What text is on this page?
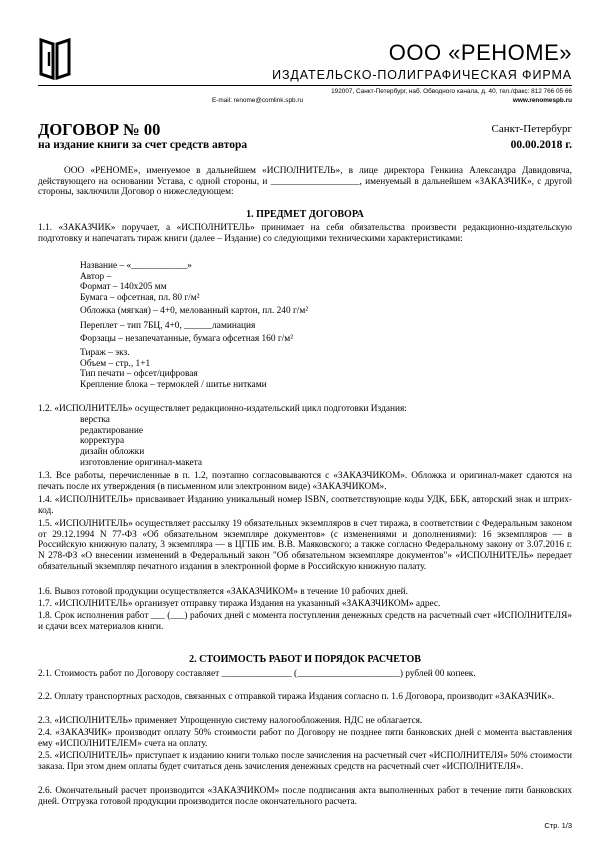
ООО «РЕНОМЕ»
ИЗДАТЕЛЬСКО-ПОЛИГРАФИЧЕСКАЯ ФИРМА
192007, Санкт-Петербург, наб. Обводного канала, д. 40, тел./факс: 812 766 05 66
E-mail: renome@comlink.spb.ru	www.renomespb.ru
ДОГОВОР № 00
на издание книги за счет средств автора
Санкт-Петербург
00.00.2018 г.
ООО «РЕНОМЕ», именуемое в дальнейшем «ИСПОЛНИТЕЛЬ», в лице директора Генкина Александра Давидовича, действующего на основании Устава, с одной стороны, и ___________________, именуемый в дальнейшем «ЗАКАЗЧИК», с другой стороны, заключили Договор о нижеследующем:
1. ПРЕДМЕТ ДОГОВОРА
1.1. «ЗАКАЗЧИК» поручает, а «ИСПОЛНИТЕЛЬ» принимает на себя обязательства произвести редакционно-издательскую подготовку и напечатать тираж книги (далее – Издание) со следующими техническими характеристиками:
Название – «____________»
Автор –
Формат – 140х205 мм
Бумага – офсетная, пл. 80 г/м²
Обложка (мягкая) – 4+0, мелованный картон, пл. 240 г/м²
Переплет – тип 7БЦ, 4+0, ______ламинация
Форзацы – незапечатанные, бумага офсетная 160 г/м²
Тираж – экз.
Объем – стр., 1+1
Тип печати – офсет/цифровая
Крепление блока – термоклей / шитье нитками
1.2. «ИСПОЛНИТЕЛЬ» осуществляет редакционно-издательский цикл подготовки Издания:
верстка
редактирование
корректура
дизайн обложки
изготовление оригинал-макета
1.3. Все работы, перечисленные в п. 1.2, поэтапно согласовываются с «ЗАКАЗЧИКОМ». Обложка и оригинал-макет сдаются на печать после их утверждения (в письменном или электронном виде) «ЗАКАЗЧИКОМ».
1.4. «ИСПОЛНИТЕЛЬ» присваивает Изданию уникальный номер ISBN, соответствующие коды УДК, ББК, авторский знак и штрих-код.
1.5. «ИСПОЛНИТЕЛЬ» осуществляет рассылку 19 обязательных экземпляров в счет тиража, в соответствии с Федеральным законом от 29.12.1994 N 77-ФЗ «Об обязательном экземпляре документов» (с изменениями и дополнениями): 16 экземпляров — в Российскую книжную палату, 3 экземпляра — в ЦГПБ им. В.В. Маяковского; а также согласно Федеральному закону от 3.07.2016 г. N 278-ФЗ «О внесении изменений в Федеральный закон "Об обязательном экземпляре документов"» «ИСПОЛНИТЕЛЬ» передает обязательный экземпляр печатного издания в электронной форме в Российскую книжную палату.
1.6. Вывоз готовой продукции осуществляется «ЗАКАЗЧИКОМ» в течение 10 рабочих дней.
1.7. «ИСПОЛНИТЕЛЬ» организует отправку тиража Издания на указанный «ЗАКАЗЧИКОМ» адрес.
1.8. Срок исполнения работ ___ (___) рабочих дней с момента поступления денежных средств на расчетный счет «ИСПОЛНИТЕЛЯ» и сдачи всех материалов книги.
2. СТОИМОСТЬ РАБОТ И ПОРЯДОК РАСЧЕТОВ
2.1. Стоимость работ по Договору составляет _______________ (______________________) рублей 00 копеек.
2.2. Оплату транспортных расходов, связанных с отправкой тиража Издания согласно п. 1.6 Договора, производит «ЗАКАЗЧИК».
2.3. «ИСПОЛНИТЕЛЬ» применяет Упрощенную систему налогообложения. НДС не облагается.
2.4. «ЗАКАЗЧИК» производит оплату 50% стоимости работ по Договору не позднее пяти банковских дней с момента выставления ему «ИСПОЛНИТЕЛЕМ» счета на оплату.
2.5. «ИСПОЛНИТЕЛЬ» приступает к изданию книги только после зачисления на расчетный счет «ИСПОЛНИТЕЛЯ» 50% стоимости заказа. При этом днем оплаты будет считаться день зачисления денежных средств на расчетный счет «ИСПОЛНИТЕЛЯ».
2.6. Окончательный расчет производится «ЗАКАЗЧИКОМ» после подписания акта выполненных работ в течение пяти банковских дней. Отгрузка готовой продукции производится после окончательного расчета.
Стр. 1/3
